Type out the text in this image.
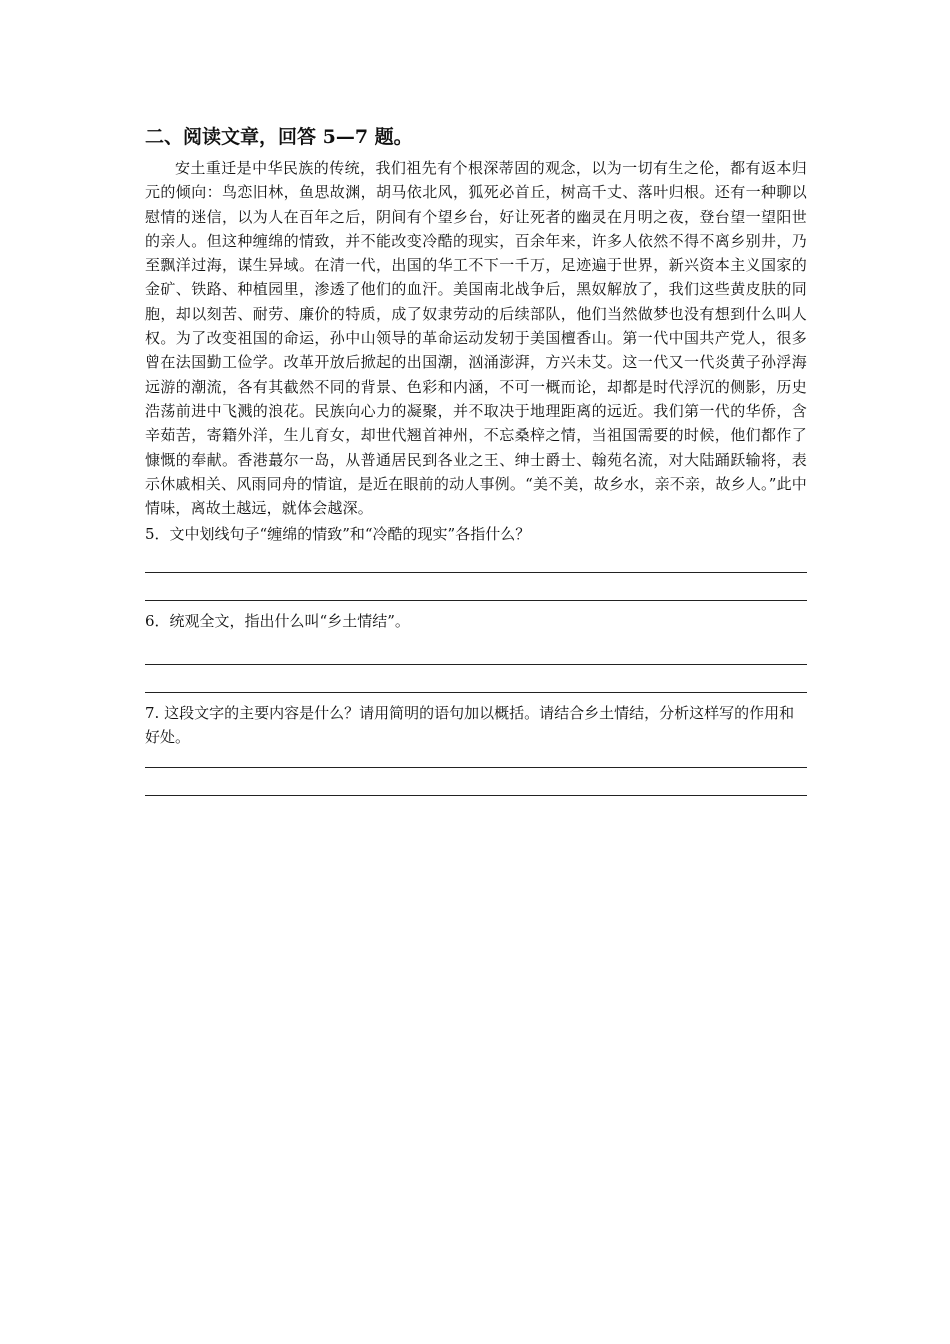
二、阅读文章，回答 5—7 题。

安土重迁是中华民族的传统，我们祖先有个根深蒂固的观念，以为一切有生之伦，都有返本归元的倾向：鸟恋旧林，鱼思故渊，胡马依北风，狐死必首丘，树高千丈、落叶归根。还有一种聊以慰情的迷信，以为人在百年之后，阴间有个望乡台，好让死者的幽灵在月明之夜，登台望一望阳世的亲人。但这种缠绵的情致，并不能改变冷酷的现实，百余年来，许多人依然不得不离乡别井，乃至飘洋过海，谋生异域。在清一代，出国的华工不下一千万，足迹遍于世界，新兴资本主义国家的金矿、铁路、种植园里，渗透了他们的血汗。美国南北战争后，黑奴解放了，我们这些黄皮肤的同胞，却以刻苦、耐劳、廉价的特质，成了奴隶劳动的后续部队，他们当然做梦也没有想到什么叫人权。为了改变祖国的命运，孙中山领导的革命运动发轫于美国檀香山。第一代中国共产党人，很多曾在法国勤工俭学。改革开放后掀起的出国潮，汹涌澎湃，方兴未艾。这一代又一代炎黄子孙浮海远游的潮流，各有其截然不同的背景、色彩和内涵，不可一概而论，却都是时代浮沉的侧影，历史浩荡前进中飞溅的浪花。民族向心力的凝聚，并不取决于地理距离的远近。我们第一代的华侨，含辛茹苦，寄籍外洋，生儿育女，却世代翘首神州，不忘桑梓之情，当祖国需要的时候，他们都作了慷慨的奉献。香港蕞尔一岛，从普通居民到各业之王、绅士爵士、翰苑名流，对大陆踊跃输将，表示休戚相关、风雨同舟的情谊，是近在眼前的动人事例。“美不美，故乡水，亲不亲，故乡人。”此中情味，离故土越远，就体会越深。

5．文中划线句子“缠绵的情致”和“冷酷的现实”各指什么？

6．统观全文，指出什么叫“乡土情结”。

7. 这段文字的主要内容是什么？请用简明的语句加以概括。请结合乡土情结，分析这样写的作用和好处。
